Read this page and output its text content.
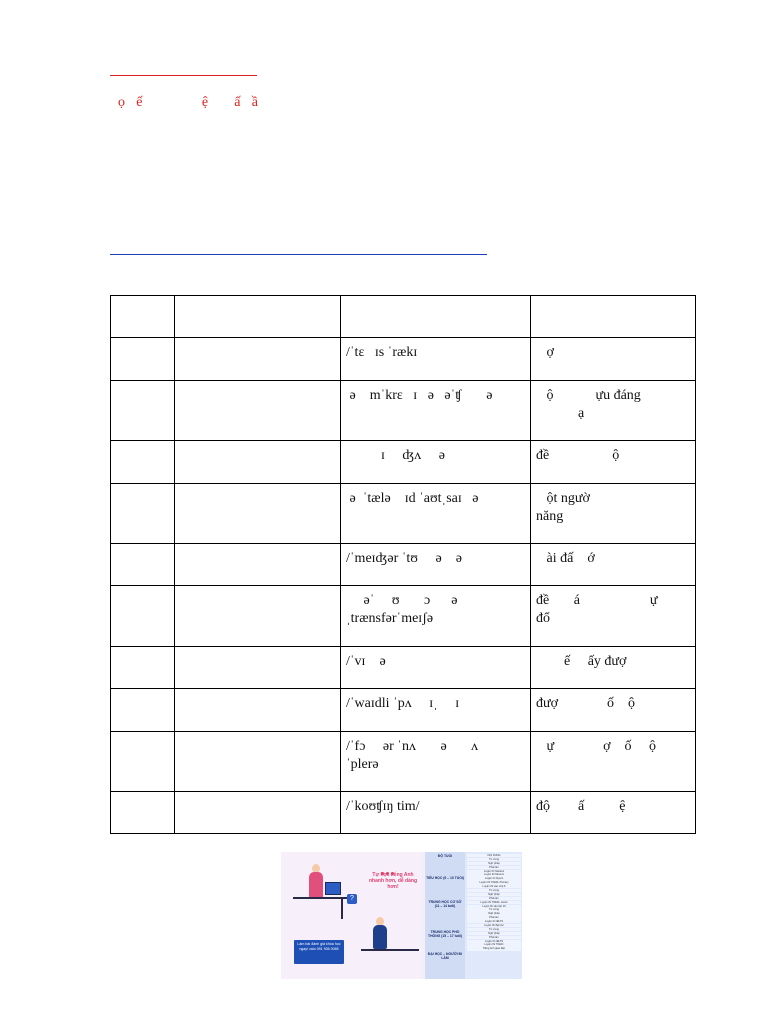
ọ   ế                ệ       ấ   ầ

		/ˈtɛ   ɪs ˈrækɪ	ợ
		ə    mˈkrɛ   ɪ   ə   əˈʧ       ə	ộ            ựu đáng
ạ
		ɪ     ʤʌ     ə	đề                  ộ
		ə  ˈtælə    ɪd ˈaʊtˌsaɪ   ə	ột ngườ
năng
		/ˈmeɪʤər ˈtʊ     ə    ə	ài đấ    ớ
		əˈ     ʊ       ɔ      ə
ˌtrænsfərˈmeɪʃə	đề       á                    ự
đổ
		/ˈvɪ    ə	ế     ấy đượ
		/ˈwaɪdli ˈpʌ     ɪˌ     ɪ	đượ              ố    ộ
		/ˈfɔ     ər ˈnʌ       ə       ʌ
ˈplerə	ự              ợ    ố     ộ
		/ˈkoʊʧɪŋ tim/	độ        ấ          ệ
Tự học tiếng Anh nhanh hơn, dễ dàng hơn!
?
Làm bài đánh giá khóa học ngay! zalo 091 936 0085
ĐỘ TUỔI
TIỂU HỌC (6 – 10 TUỔI)
TRUNG HỌC CƠ SỞ (11 – 14 tuổi)
TRUNG HỌC PHỔ THÔNG (15 – 17 tuổi)
ĐẠI HỌC – NGƯỜI ĐI LÀM
NỘI DUNG
Từ vựng
Ngữ pháp
Phát âm
Luyện thi Starters
Luyện thi Movers
Luyện thi Flyers
Luyện thi TOEFL Primary
Luyện thi vào Lớp 6
Từ vựng
Ngữ pháp
Phát âm
Luyện thi TOEFL Junior
Luyện thi vào lớp 10
Từ vựng
Ngữ pháp
Phát âm
Luyện thi IELTS
Luyện thi đại học
Từ vựng
Ngữ pháp
Phát âm
Luyện thi IELTS
Luyện thi TOEIC
Tiếng Anh giao tiếp
